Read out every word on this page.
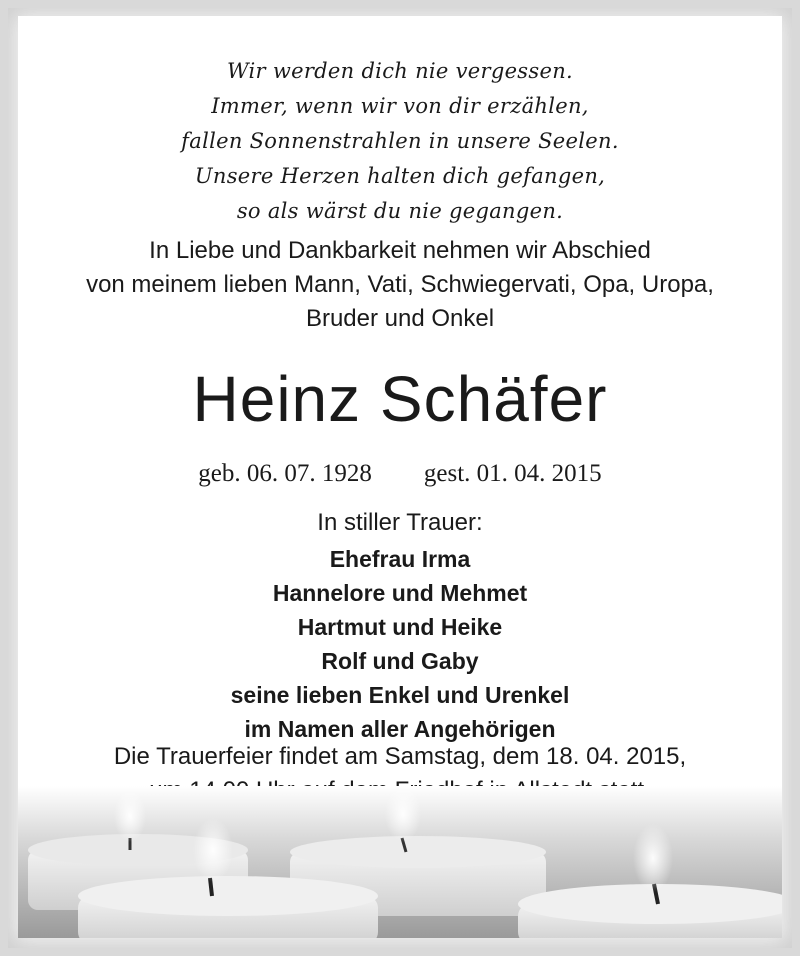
Wir werden dich nie vergessen.
Immer, wenn wir von dir erzählen,
fallen Sonnenstrahlen in unsere Seelen.
Unsere Herzen halten dich gefangen,
so als wärst du nie gegangen.
In Liebe und Dankbarkeit nehmen wir Abschied
von meinem lieben Mann, Vati, Schwiegervati, Opa, Uropa,
Bruder und Onkel
Heinz Schäfer
geb. 06. 07. 1928 gest. 01. 04. 2015
In stiller Trauer:
Ehefrau Irma
Hannelore und Mehmet
Hartmut und Heike
Rolf und Gaby
seine lieben Enkel und Urenkel
im Namen aller Angehörigen
Die Trauerfeier findet am Samstag, dem 18. 04. 2015,
